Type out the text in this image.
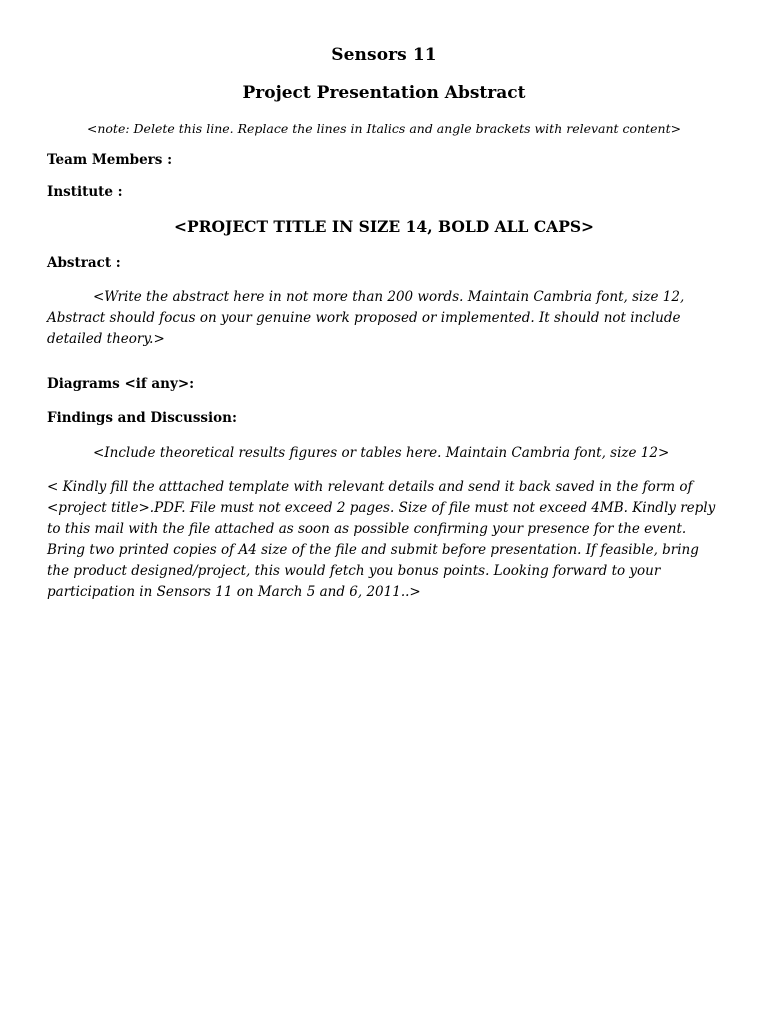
Sensors 11

Project Presentation Abstract

<note: Delete this line. Replace the lines in Italics and angle brackets with relevant content>

Team Members :

Institute :

<PROJECT TITLE IN SIZE 14, BOLD ALL CAPS>

Abstract :

<Write the abstract here in not more than 200 words. Maintain Cambria font, size 12, Abstract should focus on your genuine work proposed or implemented. It should not include detailed theory.>

Diagrams <if any>:

Findings and Discussion:

<Include theoretical results figures or tables here. Maintain Cambria font, size 12>

< Kindly fill the atttached template with relevant details and send it back saved in the form of <project title>.PDF. File must not exceed 2 pages. Size of file must not exceed 4MB. Kindly reply to this mail with the file attached as soon as possible confirming your presence for the event. Bring two printed copies of A4 size of the file and submit before presentation. If feasible, bring the product designed/project, this would fetch you bonus points. Looking forward to your participation in Sensors 11 on March 5 and 6, 2011..>
